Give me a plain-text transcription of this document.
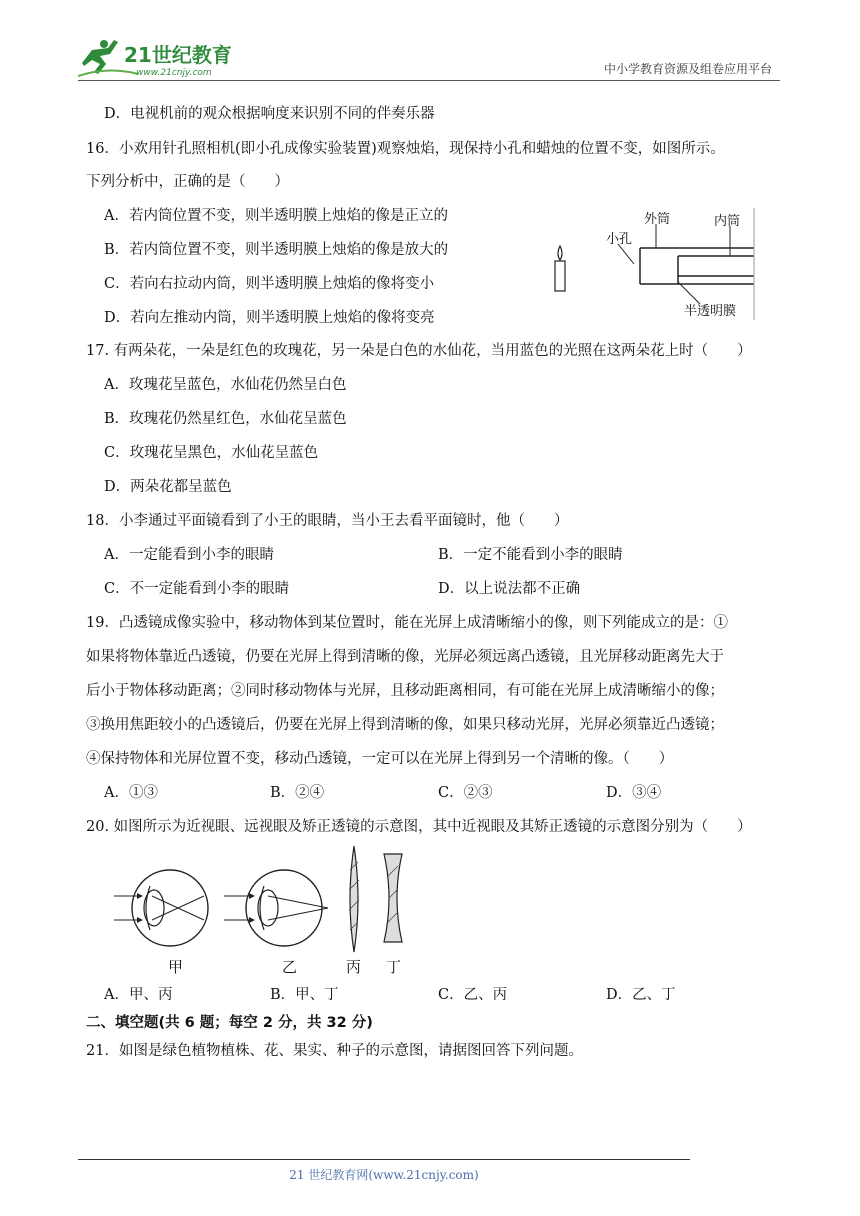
21世纪教育
www.21cnjy.com	中小学教育资源及组卷应用平台
D．电视机前的观众根据响度来识别不同的伴奏乐器
16．小欢用针孔照相机(即小孔成像实验装置)观察烛焰，现保持小孔和蜡烛的位置不变，如图所示。
下列分析中，正确的是（　　）
A．若内筒位置不变，则半透明膜上烛焰的像是正立的
B．若内筒位置不变，则半透明膜上烛焰的像是放大的
C．若向右拉动内筒，则半透明膜上烛焰的像将变小
D．若向左推动内筒，则半透明膜上烛焰的像将变亮
外筒	内筒
小孔
半透明膜
17. 有两朵花，一朵是红色的玫瑰花，另一朵是白色的水仙花，当用蓝色的光照在这两朵花上时（　　）
A．玫瑰花呈蓝色，水仙花仍然呈白色
B．玫瑰花仍然星红色，水仙花呈蓝色
C．玫瑰花呈黑色，水仙花呈蓝色
D．两朵花都呈蓝色
18．小李通过平面镜看到了小王的眼睛，当小王去看平面镜时，他（　　）
A．一定能看到小李的眼睛	B．一定不能看到小李的眼睛
C．不一定能看到小李的眼睛	D．以上说法都不正确
19．凸透镜成像实验中，移动物体到某位置时，能在光屏上成清晰缩小的像，则下列能成立的是：①
如果将物体靠近凸透镜，仍要在光屏上得到清晰的像，光屏必须远离凸透镜，且光屏移动距离先大于
后小于物体移动距离；②同时移动物体与光屏，且移动距离相同，有可能在光屏上成清晰缩小的像；
③换用焦距较小的凸透镜后，仍要在光屏上得到清晰的像，如果只移动光屏，光屏必须靠近凸透镜；
④保持物体和光屏位置不变，移动凸透镜，一定可以在光屏上得到另一个清晰的像。（　　）
A．①③	B．②④	C．②③	D．③④
20. 如图所示为近视眼、远视眼及矫正透镜的示意图，其中近视眼及其矫正透镜的示意图分别为（　　）
甲	乙	丙 丁
A．甲、丙	B．甲、丁	C．乙、丙	D．乙、丁
二、填空题(共 6 题；每空 2 分，共 32 分)
21．如图是绿色植物植株、花、果实、种子的示意图，请据图回答下列问题。
21 世纪教育网(www.21cnjy.com)
